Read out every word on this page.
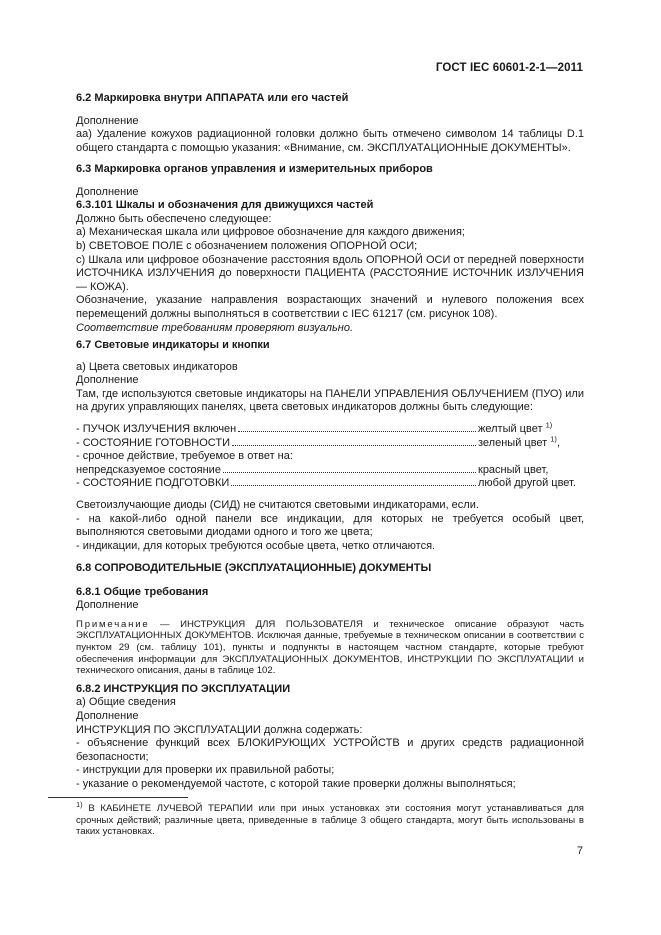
ГОСТ IEC 60601-2-1—2011

6.2 Маркировка внутри АППАРАТА или его частей

Дополнение

аа) Удаление кожухов радиационной головки должно быть отмечено символом 14 таблицы D.1 общего стандарта с помощью указания: «Внимание, см. ЭКСПЛУАТАЦИОННЫЕ ДОКУМЕНТЫ».

6.3 Маркировка органов управления и измерительных приборов

Дополнение

6.3.101 Шкалы и обозначения для движущихся частей

Должно быть обеспечено следующее:

a) Механическая шкала или цифровое обозначение для каждого движения;

b) СВЕТОВОЕ ПОЛЕ с обозначением положения ОПОРНОЙ ОСИ;

c) Шкала или цифровое обозначение расстояния вдоль ОПОРНОЙ ОСИ от передней поверхности ИСТОЧНИКА ИЗЛУЧЕНИЯ до поверхности ПАЦИЕНТА (РАССТОЯНИЕ ИСТОЧНИК ИЗЛУЧЕНИЯ — КОЖА).

Обозначение, указание направления возрастающих значений и нулевого положения всех перемещений должны выполняться в соответствии с IEC 61217 (см. рисунок 108).

Соответствие требованиям проверяют визуально.

6.7 Световые индикаторы и кнопки

а) Цвета световых индикаторов

Дополнение

Там, где используются световые индикаторы на ПАНЕЛИ УПРАВЛЕНИЯ ОБЛУЧЕНИЕМ (ПУО) или на других управляющих панелях, цвета световых индикаторов должны быть следующие:

- ПУЧОК ИЗЛУЧЕНИЯ включен	желтый цвет $^{1)}$
- СОСТОЯНИЕ ГОТОВНОСТИ	зеленый цвет $^{1)}$,

- срочное действие, требуемое в ответ на:

непредсказуемое состояние	красный цвет,
- СОСТОЯНИЕ ПОДГОТОВКИ	любой другой цвет.

Светоизлучающие диоды (СИД) не считаются световыми индикаторами, если.

- на какой-либо одной панели все индикации, для которых не требуется особый цвет, выполняются световыми диодами одного и того же цвета;

- индикации, для которых требуются особые цвета, четко отличаются.

6.8 СОПРОВОДИТЕЛЬНЫЕ (ЭКСПЛУАТАЦИОННЫЕ) ДОКУМЕНТЫ

6.8.1 Общие требования

Дополнение

Примечание — ИНСТРУКЦИЯ ДЛЯ ПОЛЬЗОВАТЕЛЯ и техническое описание образуют часть ЭКСПЛУАТАЦИОННЫХ ДОКУМЕНТОВ. Исключая данные, требуемые в техническом описании в соответствии с пунктом 29 (см. таблицу 101), пункты и подпункты в настоящем частном стандарте, которые требуют обеспечения информации для ЭКСПЛУАТАЦИОННЫХ ДОКУМЕНТОВ, ИНСТРУКЦИИ ПО ЭКСПЛУАТАЦИИ и технического описания, даны в таблице 102.

6.8.2 ИНСТРУКЦИЯ ПО ЭКСПЛУАТАЦИИ

а) Общие сведения

Дополнение

ИНСТРУКЦИЯ ПО ЭКСПЛУАТАЦИИ должна содержать:

- объяснение функций всех БЛОКИРУЮЩИХ УСТРОЙСТВ и других средств радиационной безопасности;

- инструкции для проверки их правильной работы;

- указание о рекомендуемой частоте, с которой такие проверки должны выполняться;

$^{1)}$ В КАБИНЕТЕ ЛУЧЕВОЙ ТЕРАПИИ или при иных установках эти состояния могут устанавливаться для срочных действий; различные цвета, приведенные в таблице 3 общего стандарта, могут быть использованы в таких установках.

7
